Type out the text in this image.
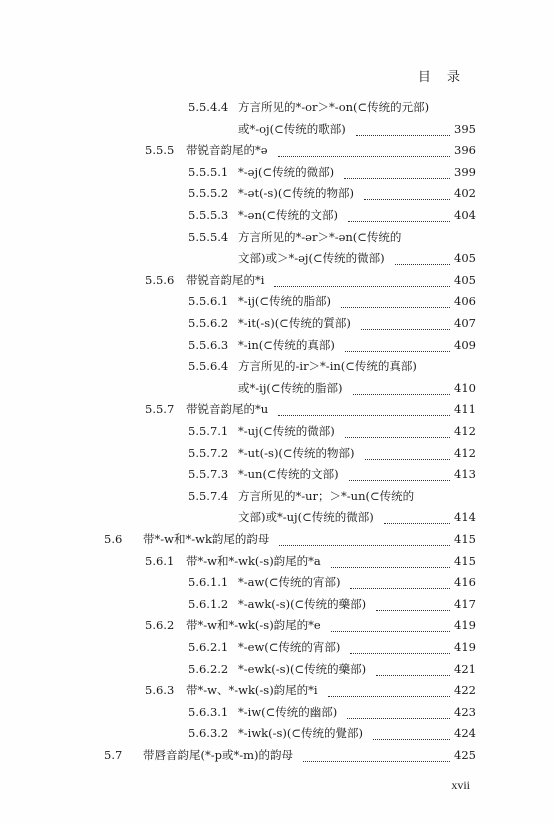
目 录
5.5.4.4 方言所见的*-or＞*-on(⊂传统的元部)
或*-oj(⊂传统的歌部)	395
5.5.5 带锐音韵尾的*ə	396
5.5.5.1 *-əj(⊂传统的微部)	399
5.5.5.2 *-ət(-s)(⊂传统的物部)	402
5.5.5.3 *-ən(⊂传统的文部)	404
5.5.5.4 方言所见的*-ər＞*-ən(⊂传统的
文部)或＞*-əj(⊂传统的微部)	405
5.5.6 带锐音韵尾的*i	405
5.5.6.1 *-ij(⊂传统的脂部)	406
5.5.6.2 *-it(-s)(⊂传统的質部)	407
5.5.6.3 *-in(⊂传统的真部)	409
5.5.6.4 方言所见的-ir＞*-in(⊂传统的真部)
或*-ij(⊂传统的脂部)	410
5.5.7 带锐音韵尾的*u	411
5.5.7.1 *-uj(⊂传统的微部)	412
5.5.7.2 *-ut(-s)(⊂传统的物部)	412
5.5.7.3 *-un(⊂传统的文部)	413
5.5.7.4 方言所见的*-ur；＞*-un(⊂传统的
文部)或*-uj(⊂传统的微部)	414
5.6 带*-w和*-wk韵尾的韵母	415
5.6.1 带*-w和*-wk(-s)韵尾的*a	415
5.6.1.1 *-aw(⊂传统的宵部)	416
5.6.1.2 *-awk(-s)(⊂传统的藥部)	417
5.6.2 带*-w和*-wk(-s)韵尾的*e	419
5.6.2.1 *-ew(⊂传统的宵部)	419
5.6.2.2 *-ewk(-s)(⊂传统的藥部)	421
5.6.3 带*-w、*-wk(-s)韵尾的*i	422
5.6.3.1 *-iw(⊂传统的幽部)	423
5.6.3.2 *-iwk(-s)(⊂传统的覺部)	424
5.7 带唇音韵尾(*-p或*-m)的韵母	425
xvii
